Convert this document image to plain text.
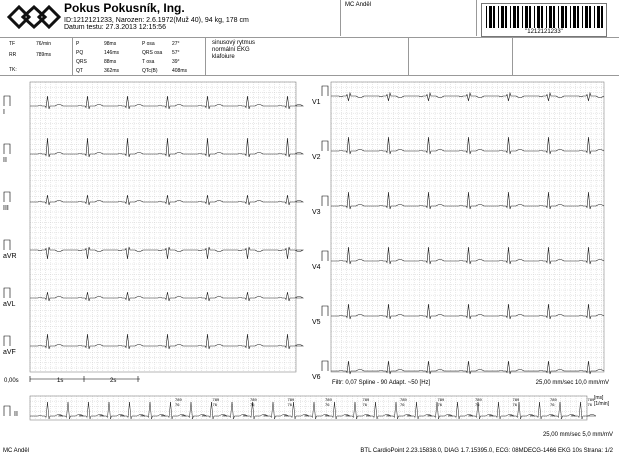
Pokus Pokusník, Ing.
ID:1212121233, Narozen: 2.6.1972(Muž 40), 94 kg, 178 cm
Datum testu: 27.3.2013 12:15:56
MC Anděl
"1212121233"
TF	76/min
RR	789ms
TK:
P	98ms
PQ	146ms
QRS	88ms
QT	362ms
P osa	27°
QRS osa 57°
T osa	39°
QTc(B)	408ms
sinusový rytmus
normální EKG
klafoiure
I
II
III
aVR
aVL
aVF
V1
V2
V3
V4
V5
V6
II
789
76
789
76
789
76
789
76
789
76
789
76
789
76
789
76
789
76
789
76
789
76
789
76
0,00s	1s	2s	Filtr: 0,07 Spline - 90 Adapt. ~50 [Hz]	25,00 mm/sec 10,0 mm/mV
[ms]
[1/min]
25,00 mm/sec 5,0 mm/mV
MC Anděl	BTL CardioPoint 2.23.15838.0, DIAG 1.7.15395.0, ECG: 08MDECG-1466 EKG 10s Strana: 1/2
